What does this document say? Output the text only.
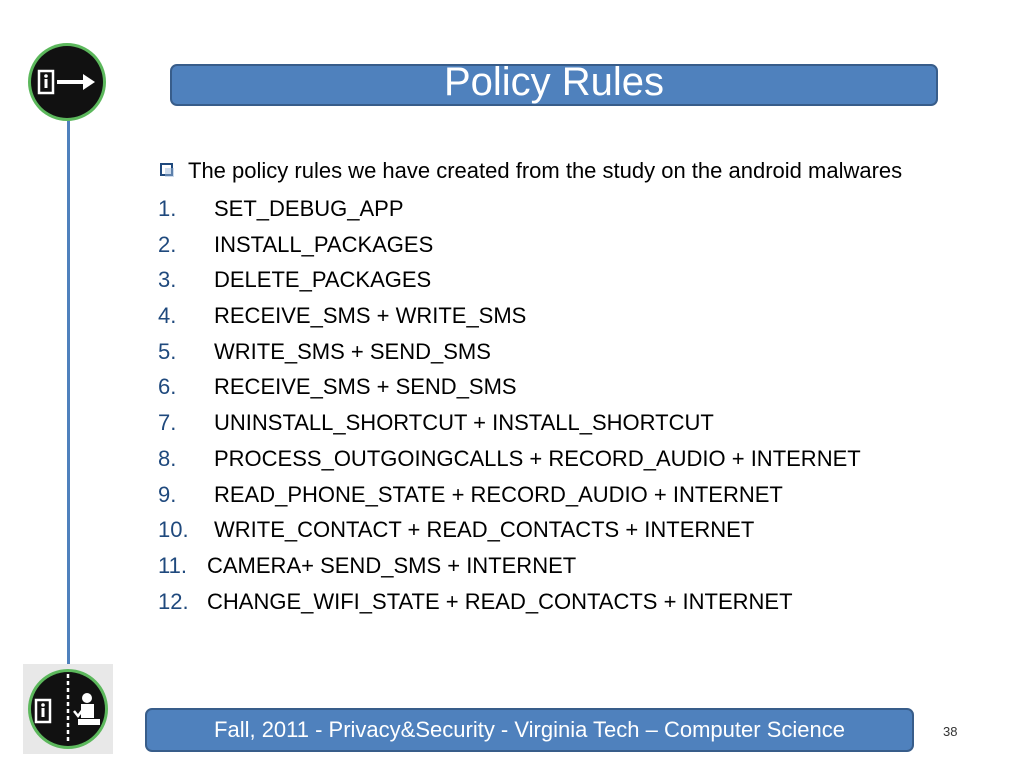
Policy Rules
The policy rules we have created from the study on the android malwares
1. SET_DEBUG_APP
2. INSTALL_PACKAGES
3. DELETE_PACKAGES
4. RECEIVE_SMS + WRITE_SMS
5. WRITE_SMS + SEND_SMS
6. RECEIVE_SMS + SEND_SMS
7. UNINSTALL_SHORTCUT + INSTALL_SHORTCUT
8. PROCESS_OUTGOINGCALLS + RECORD_AUDIO + INTERNET
9. READ_PHONE_STATE + RECORD_AUDIO + INTERNET
10. WRITE_CONTACT + READ_CONTACTS + INTERNET
11. CAMERA+ SEND_SMS + INTERNET
12. CHANGE_WIFI_STATE + READ_CONTACTS + INTERNET
Fall, 2011 - Privacy&Security - Virginia Tech – Computer Science	38
